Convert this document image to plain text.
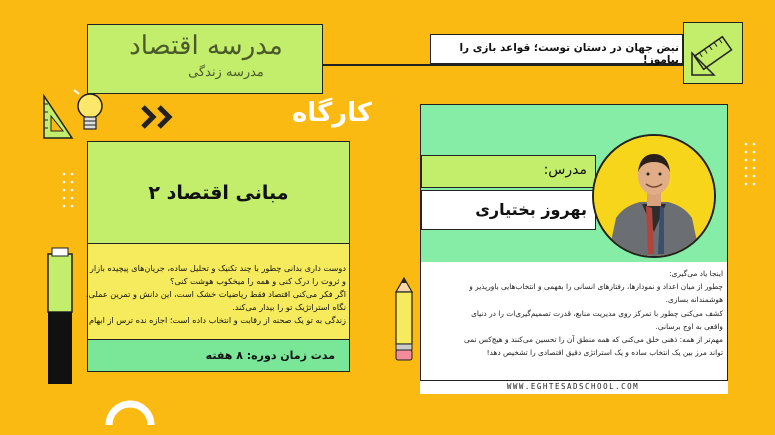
مدرسه اقتصاد
مدرسه زندگی
نبض جهان در دستان توست؛ قواعد بازی را بیاموز!
کارگاه
مبانی اقتصاد ۲
دوست داری بدانی چطور با چند تکنیک و تحلیل ساده، جریان‌های پیچیده بازار
و ثروت را درک کنی و همه را میخکوب هوشت کنی؟
اگر فکر می‌کنی اقتصاد فقط ریاضیات خشک است، این دانش و تمرین عملی،
نگاه استراتژیک تو را بیدار می‌کند.
زندگی به تو یک صحنه از رقابت و انتخاب داده است؛ اجازه نده ترس از ابهام
مدت زمان دوره: ۸ هفته
مدرس:
بهروز بختیاری
اینجا یاد می‌گیری:
چطور از میان اعداد و نمودارها، رفتارهای انسانی را بفهمی و انتخاب‌هایی باورپذیر و
هوشمندانه بسازی.
کشف می‌کنی چطور با تمرکز روی مدیریت منابع، قدرت تصمیم‌گیری‌ات را در دنیای
واقعی به اوج برسانی.
مهم‌تر از همه: ذهنی خلق می‌کنی که همه منطق آن را تحسین می‌کنند و هیچ‌کس نمی
تواند مرز بین یک انتخاب ساده و یک استراتژی دقیق اقتصادی را تشخیص دهد!
WWW.EGHTESADSCHOOL.COM
